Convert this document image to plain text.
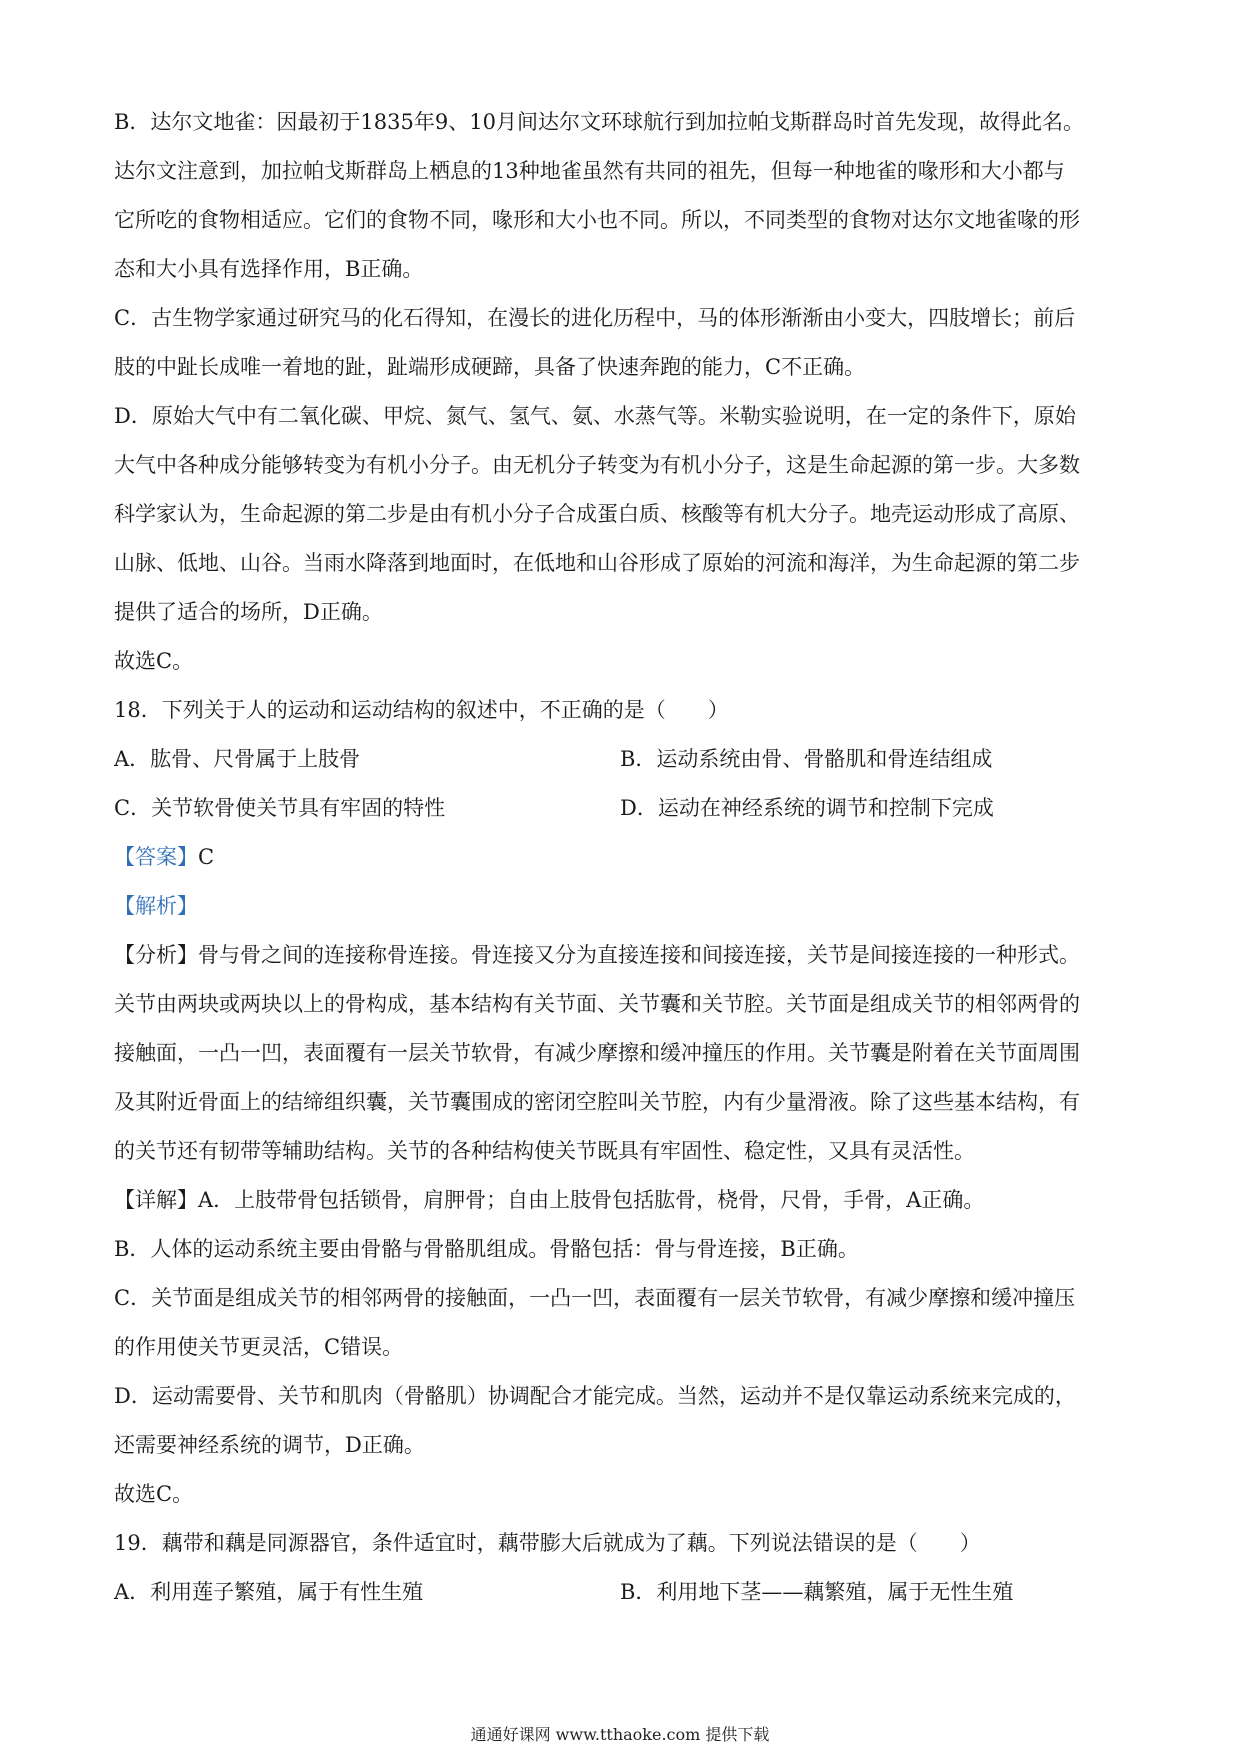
B．达尔文地雀：因最初于1835年9、10月间达尔文环球航行到加拉帕戈斯群岛时首先发现，故得此名。

达尔文注意到，加拉帕戈斯群岛上栖息的13种地雀虽然有共同的祖先，但每一种地雀的喙形和大小都与

它所吃的食物相适应。它们的食物不同，喙形和大小也不同。所以，不同类型的食物对达尔文地雀喙的形

态和大小具有选择作用，B正确。

C．古生物学家通过研究马的化石得知，在漫长的进化历程中，马的体形渐渐由小变大，四肢增长；前后

肢的中趾长成唯一着地的趾，趾端形成硬蹄，具备了快速奔跑的能力，C不正确。

D．原始大气中有二氧化碳、甲烷、氮气、氢气、氨、水蒸气等。米勒实验说明，在一定的条件下，原始

大气中各种成分能够转变为有机小分子。由无机分子转变为有机小分子，这是生命起源的第一步。大多数

科学家认为，生命起源的第二步是由有机小分子合成蛋白质、核酸等有机大分子。地壳运动形成了高原、

山脉、低地、山谷。当雨水降落到地面时，在低地和山谷形成了原始的河流和海洋，为生命起源的第二步

提供了适合的场所，D正确。

故选C。

18．下列关于人的运动和运动结构的叙述中，不正确的是（　　）

A．肱骨、尺骨属于上肢骨	B．运动系统由骨、骨骼肌和骨连结组成
C．关节软骨使关节具有牢固的特性	D．运动在神经系统的调节和控制下完成

【答案】C

【解析】

【分析】骨与骨之间的连接称骨连接。骨连接又分为直接连接和间接连接，关节是间接连接的一种形式。

关节由两块或两块以上的骨构成，基本结构有关节面、关节囊和关节腔。关节面是组成关节的相邻两骨的

接触面，一凸一凹，表面覆有一层关节软骨，有减少摩擦和缓冲撞压的作用。关节囊是附着在关节面周围

及其附近骨面上的结缔组织囊，关节囊围成的密闭空腔叫关节腔，内有少量滑液。除了这些基本结构，有

的关节还有韧带等辅助结构。关节的各种结构使关节既具有牢固性、稳定性，又具有灵活性。

【详解】A．上肢带骨包括锁骨，肩胛骨；自由上肢骨包括肱骨，桡骨，尺骨，手骨，A正确。

B．人体的运动系统主要由骨骼与骨骼肌组成。骨骼包括：骨与骨连接，B正确。

C．关节面是组成关节的相邻两骨的接触面，一凸一凹，表面覆有一层关节软骨，有减少摩擦和缓冲撞压

的作用使关节更灵活，C错误。

D．运动需要骨、关节和肌肉（骨骼肌）协调配合才能完成。当然，运动并不是仅靠运动系统来完成的，

还需要神经系统的调节，D正确。

故选C。

19．藕带和藕是同源器官，条件适宜时，藕带膨大后就成为了藕。下列说法错误的是（　　）

A．利用莲子繁殖，属于有性生殖	B．利用地下茎——藕繁殖，属于无性生殖
通通好课网 www.tthaoke.com 提供下载
